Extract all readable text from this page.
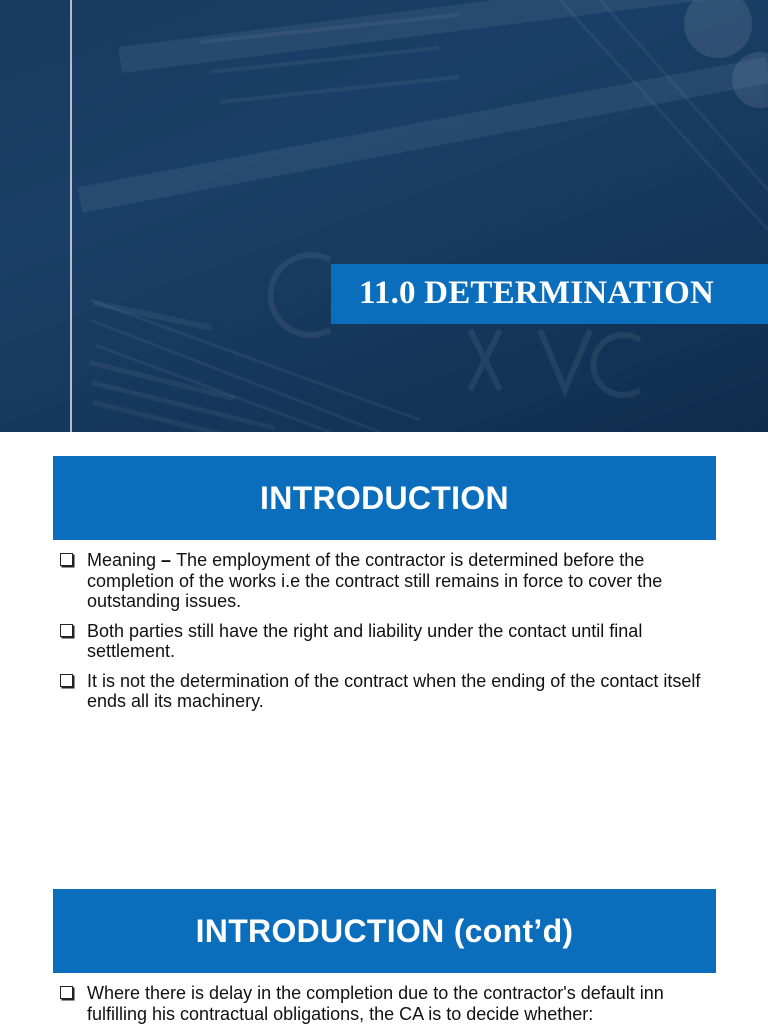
11.0 DETERMINATION
INTRODUCTION
Meaning – The employment of the contractor is determined before the completion of the works i.e the contract still remains in force to cover the outstanding issues.
Both parties still have the right and liability under the contact until final settlement.
It is not the determination of the contract when the ending of the contact itself ends all its machinery.
INTRODUCTION (cont’d)
Where there is delay in the completion due to the contractor's default inn fulfilling his contractual obligations, the CA is to decide whether:
